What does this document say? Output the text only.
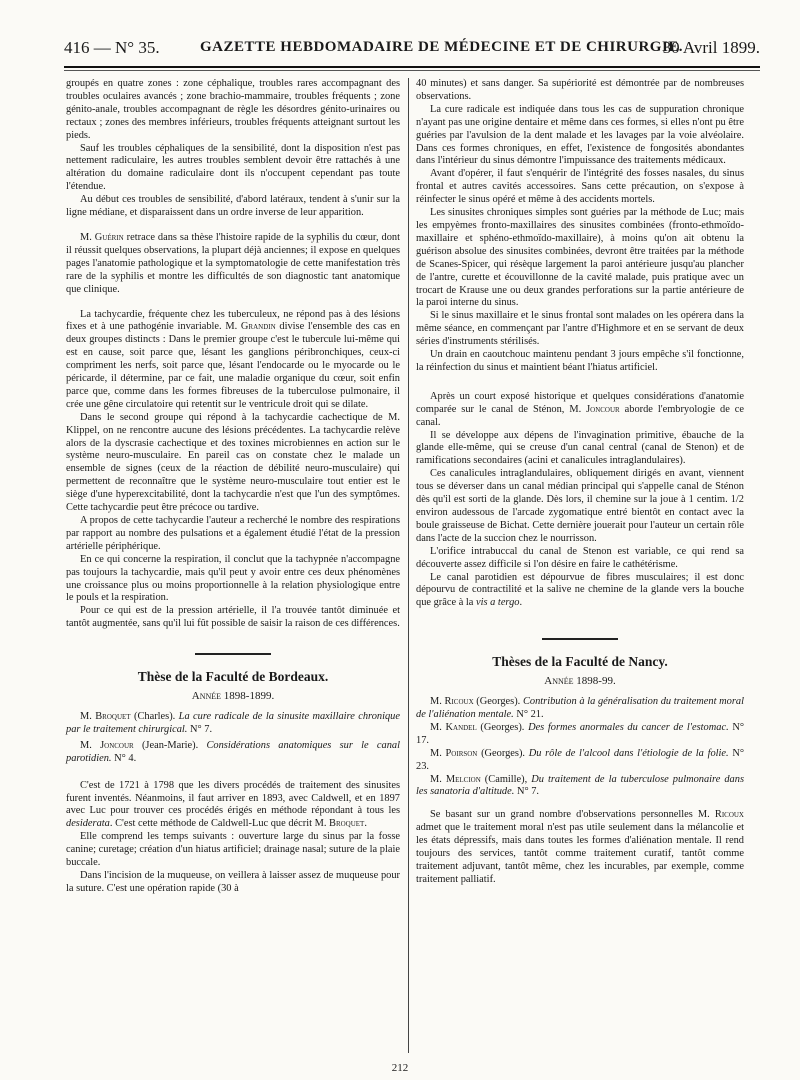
416 — N° 35.	GAZETTE HEBDOMADAIRE DE MÉDECINE ET DE CHIRURGIE.
30 Avril 1899.

groupés en quatre zones : zone céphalique, troubles rares accompagnant des troubles oculaires avancés ; zone brachio-mammaire, troubles fréquents ; zone génito-anale, troubles accompagnant de règle les désordres génito-urinaires ou rectaux ; zones des membres inférieurs, troubles fréquents atteignant surtout les pieds.

Sauf les troubles céphaliques de la sensibilité, dont la disposition n'est pas nettement radiculaire, les autres troubles semblent devoir être rattachés à une altération du domaine radiculaire dont ils n'occupent cependant pas toute l'étendue.

Au début ces troubles de sensibilité, d'abord latéraux, tendent à s'unir sur la ligne médiane, et disparaissent dans un ordre inverse de leur apparition.

M. Guérin retrace dans sa thèse l'histoire rapide de la syphilis du cœur, dont il réussit quelques observations, la plupart déjà anciennes; il expose en quelques pages l'anatomie pathologique et la symptomatologie de cette manifestation très rare de la syphilis et montre les difficultés de son diagnostic tant anatomique que clinique.

La tachycardie, fréquente chez les tuberculeux, ne répond pas à des lésions fixes et à une pathogénie invariable. M. Grandin divise l'ensemble des cas en deux groupes distincts : Dans le premier groupe c'est le tubercule lui-même qui est en cause, soit parce que, lésant les ganglions péribronchiques, ceux-ci compriment les nerfs, soit parce que, lésant l'endocarde ou le myocarde ou le péricarde, il détermine, par ce fait, une maladie organique du cœur, soit enfin parce que, comme dans les formes fibreuses de la tuberculose pulmonaire, il crée une gêne circulatoire qui retentit sur le ventricule droit qui se dilate.

Dans le second groupe qui répond à la tachycardie cachectique de M. Klippel, on ne rencontre aucune des lésions précédentes. La tachycardie relève alors de la dyscrasie cachectique et des toxines microbiennes en action sur le système neuro-musculaire. En pareil cas on constate chez le malade un ensemble de signes (ceux de la réaction de débilité neuro-musculaire) qui permettent de reconnaître que le système neuro-musculaire tout entier est le siège d'une hyperexcitabilité, dont la tachycardie n'est que l'un des symptômes. Cette tachycardie peut être précoce ou tardive.

A propos de cette tachycardie l'auteur a recherché le nombre des respirations par rapport au nombre des pulsations et a également étudié l'état de la pression artérielle périphérique.

En ce qui concerne la respiration, il conclut que la tachypnée n'accompagne pas toujours la tachycardie, mais qu'il peut y avoir entre ces deux phénomènes une croissance plus ou moins proportionnelle à la relation physiologique entre le pouls et la respiration.

Pour ce qui est de la pression artérielle, il l'a trouvée tantôt diminuée et tantôt augmentée, sans qu'il lui fût possible de saisir la raison de ces différences.

Thèse de la Faculté de Bordeaux.
Année 1898-1899.

M. Broquet (Charles). La cure radicale de la sinusite maxillaire chronique par le traitement chirurgical. N° 7.

M. Joncour (Jean-Marie). Considérations anatomiques sur le canal parotidien. N° 4.

C'est de 1721 à 1798 que les divers procédés de traitement des sinusites furent inventés. Néanmoins, il faut arriver en 1893, avec Caldwell, et en 1897 avec Luc pour trouver ces procédés érigés en méthode répondant à tous les desiderata. C'est cette méthode de Caldwell-Luc que décrit M. Broquet.

Elle comprend les temps suivants : ouverture large du sinus par la fosse canine; curetage; création d'un hiatus artificiel; drainage nasal; suture de la plaie buccale.

Dans l'incision de la muqueuse, on veillera à laisser assez de muqueuse pour la suture. C'est une opération rapide (30 à

40 minutes) et sans danger. Sa supériorité est démontrée par de nombreuses observations.

La cure radicale est indiquée dans tous les cas de suppuration chronique n'ayant pas une origine dentaire et même dans ces formes, si elles n'ont pu être guéries par l'avulsion de la dent malade et les lavages par la voie alvéolaire. Dans ces formes chroniques, en effet, l'existence de fongosités abondantes dans l'intérieur du sinus démontre l'impuissance des traitements médicaux.

Avant d'opérer, il faut s'enquérir de l'intégrité des fosses nasales, du sinus frontal et autres cavités accessoires. Sans cette précaution, on s'expose à réinfecter le sinus opéré et même à des accidents mortels.

Les sinusites chroniques simples sont guéries par la méthode de Luc; mais les empyèmes fronto-maxillaires des sinusites combinées (fronto-ethmoïdo-maxillaire et sphéno-ethmoïdo-maxillaire), à moins qu'on ait obtenu la guérison absolue des sinusites combinées, devront être traitées par la méthode de Scanes-Spicer, qui résèque largement la paroi antérieure jusqu'au plancher de l'antre, curette et écouvillonne de la cavité malade, puis pratique avec un trocart de Krause une ou deux grandes perforations sur la partie antérieure de la paroi interne du sinus.

Si le sinus maxillaire et le sinus frontal sont malades on les opérera dans la même séance, en commençant par l'antre d'Highmore et en se servant de deux séries d'instruments stérilisés.

Un drain en caoutchouc maintenu pendant 3 jours empêche s'il fonctionne, la réinfection du sinus et maintient béant l'hiatus artificiel.

Après un court exposé historique et quelques considérations d'anatomie comparée sur le canal de Sténon, M. Joncour aborde l'embryologie de ce canal.

Il se développe aux dépens de l'invagination primitive, ébauche de la glande elle-même, qui se creuse d'un canal central (canal de Stenon) et de ramifications secondaires (acini et canalicules intraglandulaires).

Ces canalicules intraglandulaires, obliquement dirigés en avant, viennent tous se déverser dans un canal médian principal qui s'appelle canal de Sténon dès qu'il est sorti de la glande. Dès lors, il chemine sur la joue à 1 centim. 1/2 environ audessous de l'arcade zygomatique entré bientôt en contact avec la boule graisseuse de Bichat. Cette dernière jouerait pour l'auteur un certain rôle dans l'acte de la succion chez le nourrisson.

L'orifice intrabuccal du canal de Stenon est variable, ce qui rend sa découverte assez difficile si l'on désire en faire le cathétérisme.

Le canal parotidien est dépourvue de fibres musculaires; il est donc dépourvu de contractilité et la salive ne chemine de la glande vers la bouche que grâce à la vis a tergo.

Thèses de la Faculté de Nancy.
Année 1898-99.

M. Ricoux (Georges). Contribution à la généralisation du traitement moral de l'aliénation mentale. N° 21.

M. Kandel (Georges). Des formes anormales du cancer de l'estomac. N° 17.

M. Poirson (Georges). Du rôle de l'alcool dans l'étiologie de la folie. N° 23.

M. Melcion (Camille), Du traitement de la tuberculose pulmonaire dans les sanatoria d'altitude. N° 7.

Se basant sur un grand nombre d'observations personnelles M. Ricoux admet que le traitement moral n'est pas utile seulement dans la mélancolie et les états dépressifs, mais dans toutes les formes d'aliénation mentale. Il rend toujours des services, tantôt comme traitement curatif, tantôt comme traitement adjuvant, tantôt même, chez les incurables, par exemple, comme traitement palliatif.

212
